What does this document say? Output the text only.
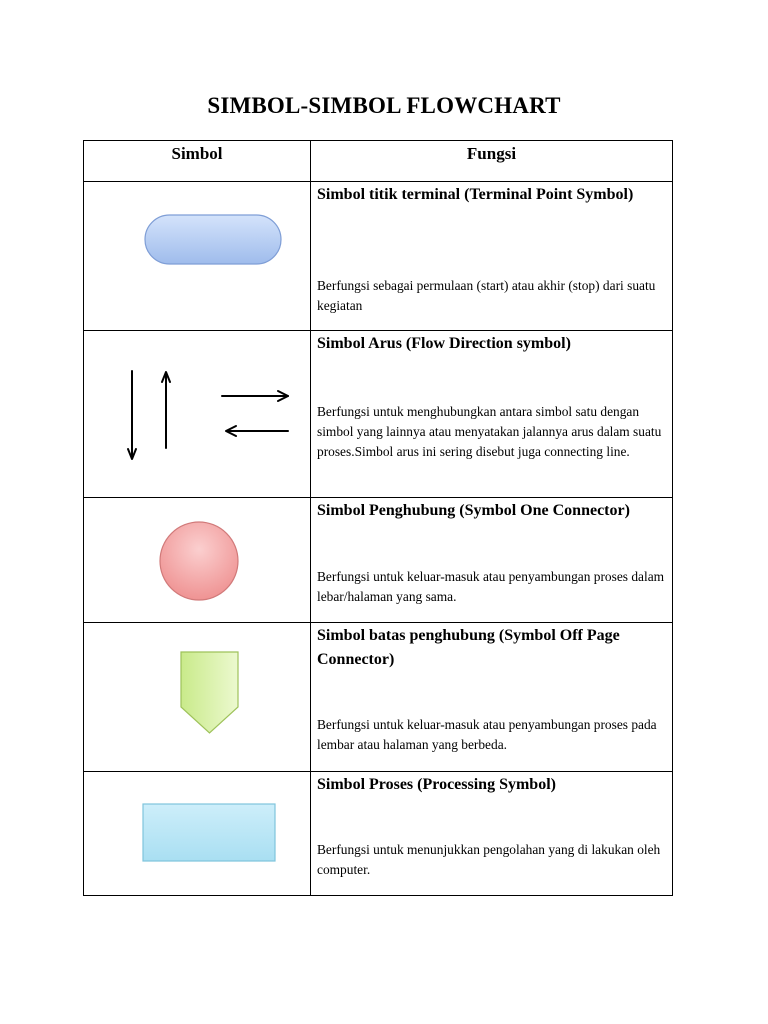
SIMBOL-SIMBOL FLOWCHART
Simbol	Fungsi

Simbol titik terminal (Terminal Point Symbol)
Berfungsi sebagai permulaan (start) atau akhir (stop) dari suatu kegiatan

Simbol Arus (Flow Direction symbol)
Berfungsi untuk menghubungkan antara simbol satu dengan simbol yang lainnya atau menyatakan jalannya arus dalam suatu proses.Simbol arus ini sering disebut juga connecting line.

Simbol Penghubung (Symbol One Connector)
Berfungsi untuk keluar-masuk atau penyambungan proses dalam lebar/halaman yang sama.

Simbol batas penghubung (Symbol Off Page Connector)
Berfungsi untuk keluar-masuk atau penyambungan proses pada lembar atau halaman yang berbeda.

Simbol Proses (Processing Symbol)
Berfungsi untuk menunjukkan pengolahan yang di lakukan oleh computer.
